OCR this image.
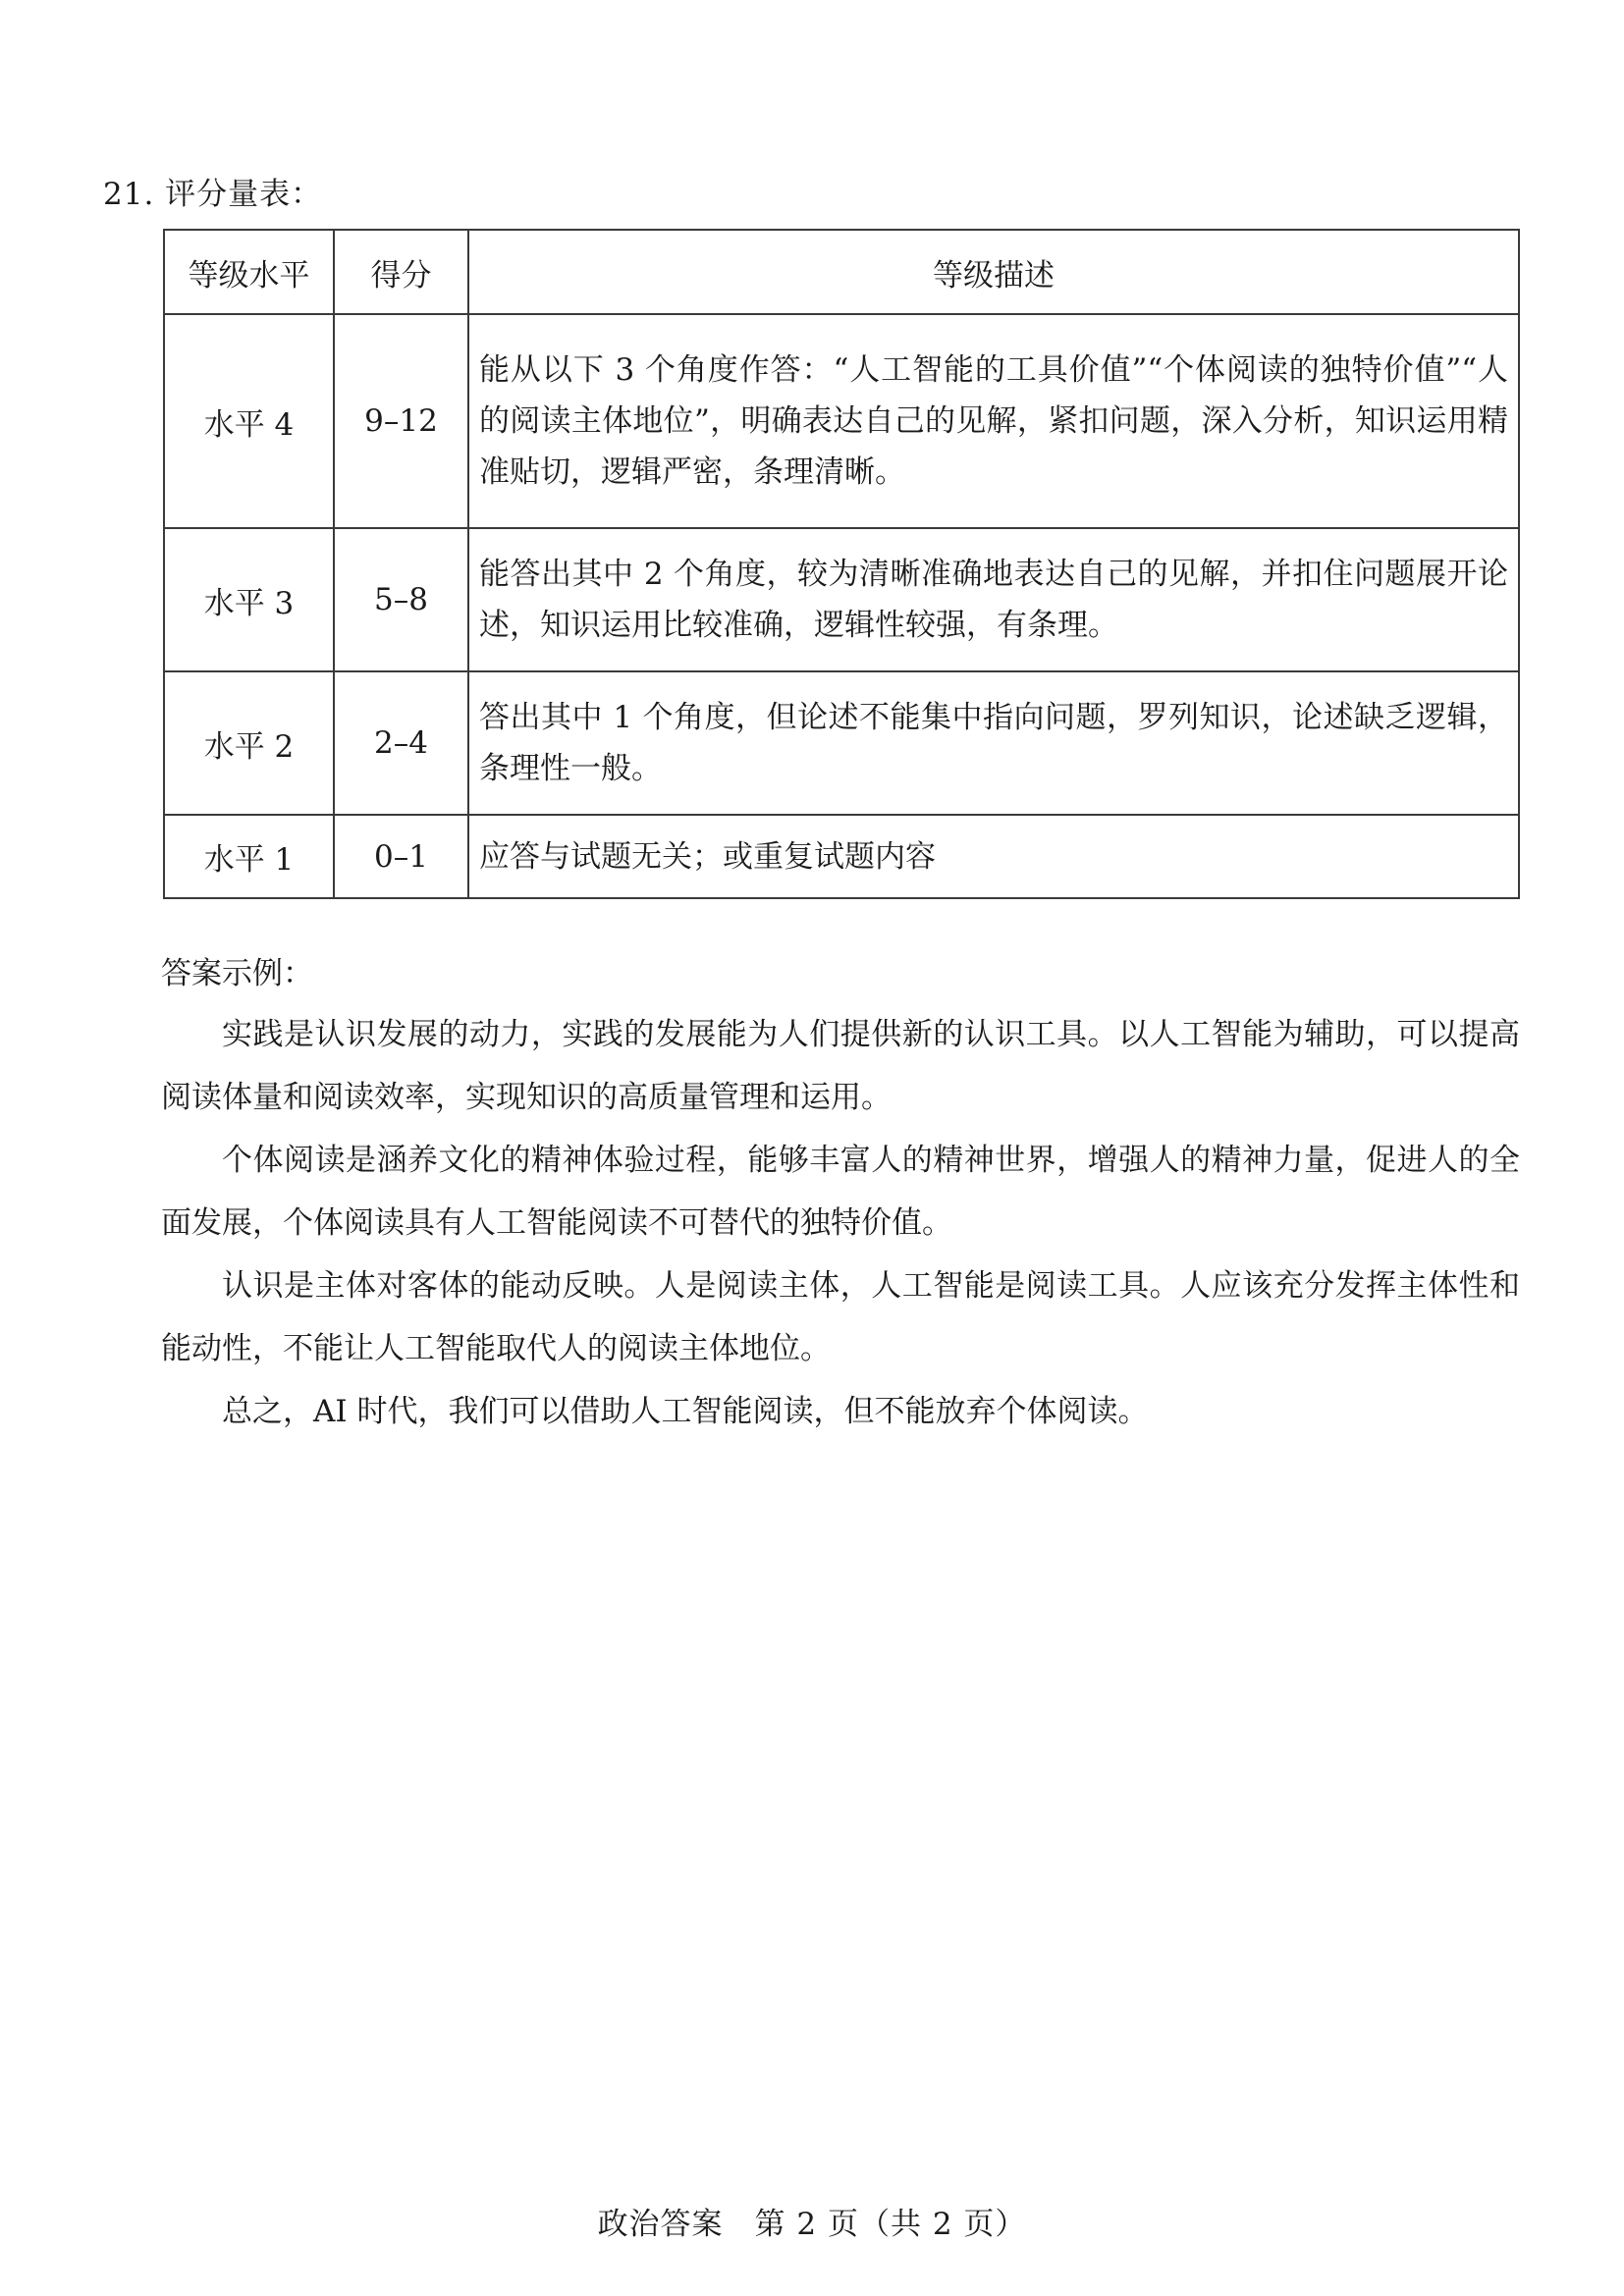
21. 评分量表：
等级水平	得分	等级描述
水平 4	9–12	能从以下 3 个角度作答：“人工智能的工具价值”“个体阅读的独特价值”“人的阅读主体地位”，明确表达自己的见解，紧扣问题，深入分析，知识运用精准贴切，逻辑严密，条理清晰。
水平 3	5–8	能答出其中 2 个角度，较为清晰准确地表达自己的见解，并扣住问题展开论述，知识运用比较准确，逻辑性较强，有条理。
水平 2	2–4	答出其中 1 个角度，但论述不能集中指向问题，罗列知识，论述缺乏逻辑，条理性一般。
水平 1	0–1	应答与试题无关；或重复试题内容
答案示例：

实践是认识发展的动力，实践的发展能为人们提供新的认识工具。以人工智能为辅助，可以提高阅读体量和阅读效率，实现知识的高质量管理和运用。

个体阅读是涵养文化的精神体验过程，能够丰富人的精神世界，增强人的精神力量，促进人的全面发展，个体阅读具有人工智能阅读不可替代的独特价值。

认识是主体对客体的能动反映。人是阅读主体，人工智能是阅读工具。人应该充分发挥主体性和能动性，不能让人工智能取代人的阅读主体地位。

总之，AI 时代，我们可以借助人工智能阅读，但不能放弃个体阅读。

政治答案　第 2 页（共 2 页）
